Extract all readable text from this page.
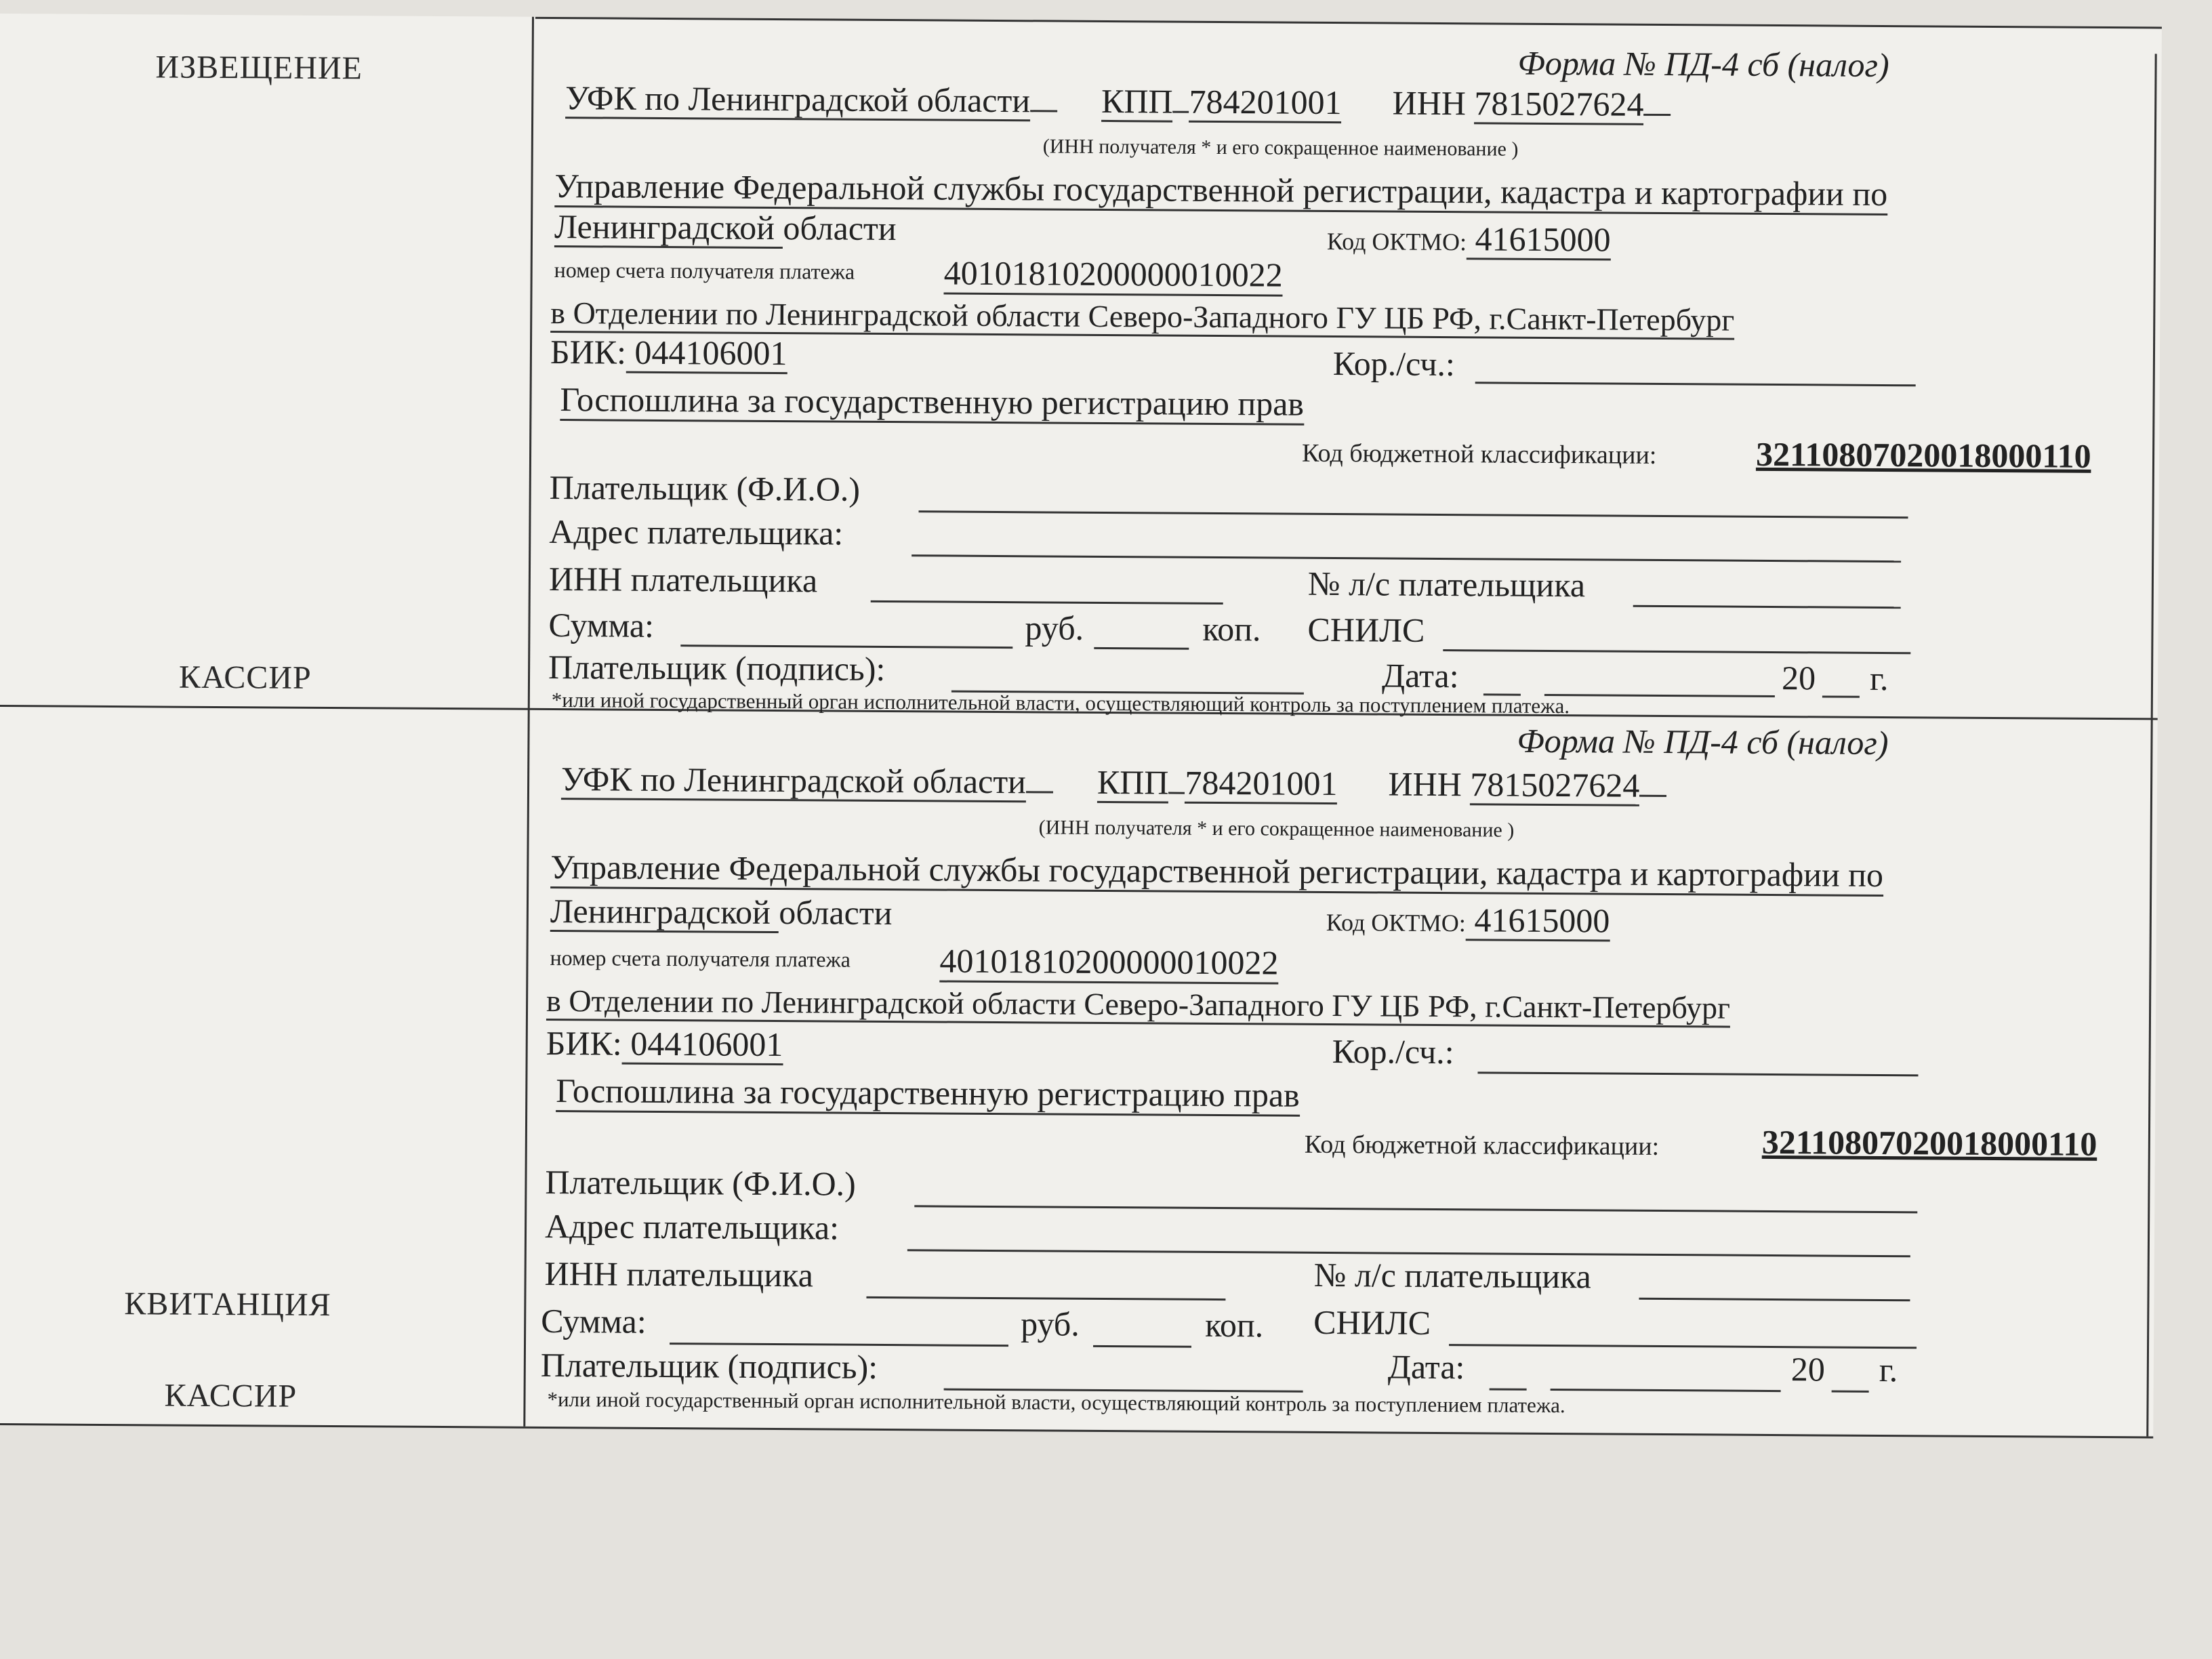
ИЗВЕЩЕНИЕ
КАССИР
Форма № ПД-4 сб (налог)
УФК по Ленинградской области КПП 784201001 ИНН 7815027624
(ИНН получателя * и его сокращенное наименование )
Управление Федеральной службы государственной регистрации, кадастра и картографии по
Ленинградской области	Код ОКТМО: 41615000
номер счета получателя платежа	40101810200000010022
в Отделении по Ленинградской области Северо-Западного ГУ ЦБ РФ, г.Санкт-Петербург
БИК: 044106001	Кор./сч.:
Госпошлина за государственную регистрацию прав
Код бюджетной классификации:	32110807020018000110
Плательщик (Ф.И.О.)
Адрес плательщика:
ИНН плательщика	№ л/с плательщика
Сумма:	руб.	коп. СНИЛС
Плательщик (подпись):	Дата:	20 г.
*или иной государственный орган исполнительной власти, осуществляющий контроль за поступлением платежа.
КВИТАНЦИЯ
КАССИР
Форма № ПД-4 сб (налог)
УФК по Ленинградской области КПП 784201001 ИНН 7815027624
(ИНН получателя * и его сокращенное наименование )
Управление Федеральной службы государственной регистрации, кадастра и картографии по
Ленинградской области	Код ОКТМО: 41615000
номер счета получателя платежа	40101810200000010022
в Отделении по Ленинградской области Северо-Западного ГУ ЦБ РФ, г.Санкт-Петербург
БИК: 044106001	Кор./сч.:
Госпошлина за государственную регистрацию прав
Код бюджетной классификации:	32110807020018000110
Плательщик (Ф.И.О.)
Адрес плательщика:
ИНН плательщика	№ л/с плательщика
Сумма:	руб.	коп. СНИЛС
Плательщик (подпись):	Дата:	20 г.
*или иной государственный орган исполнительной власти, осуществляющий контроль за поступлением платежа.
